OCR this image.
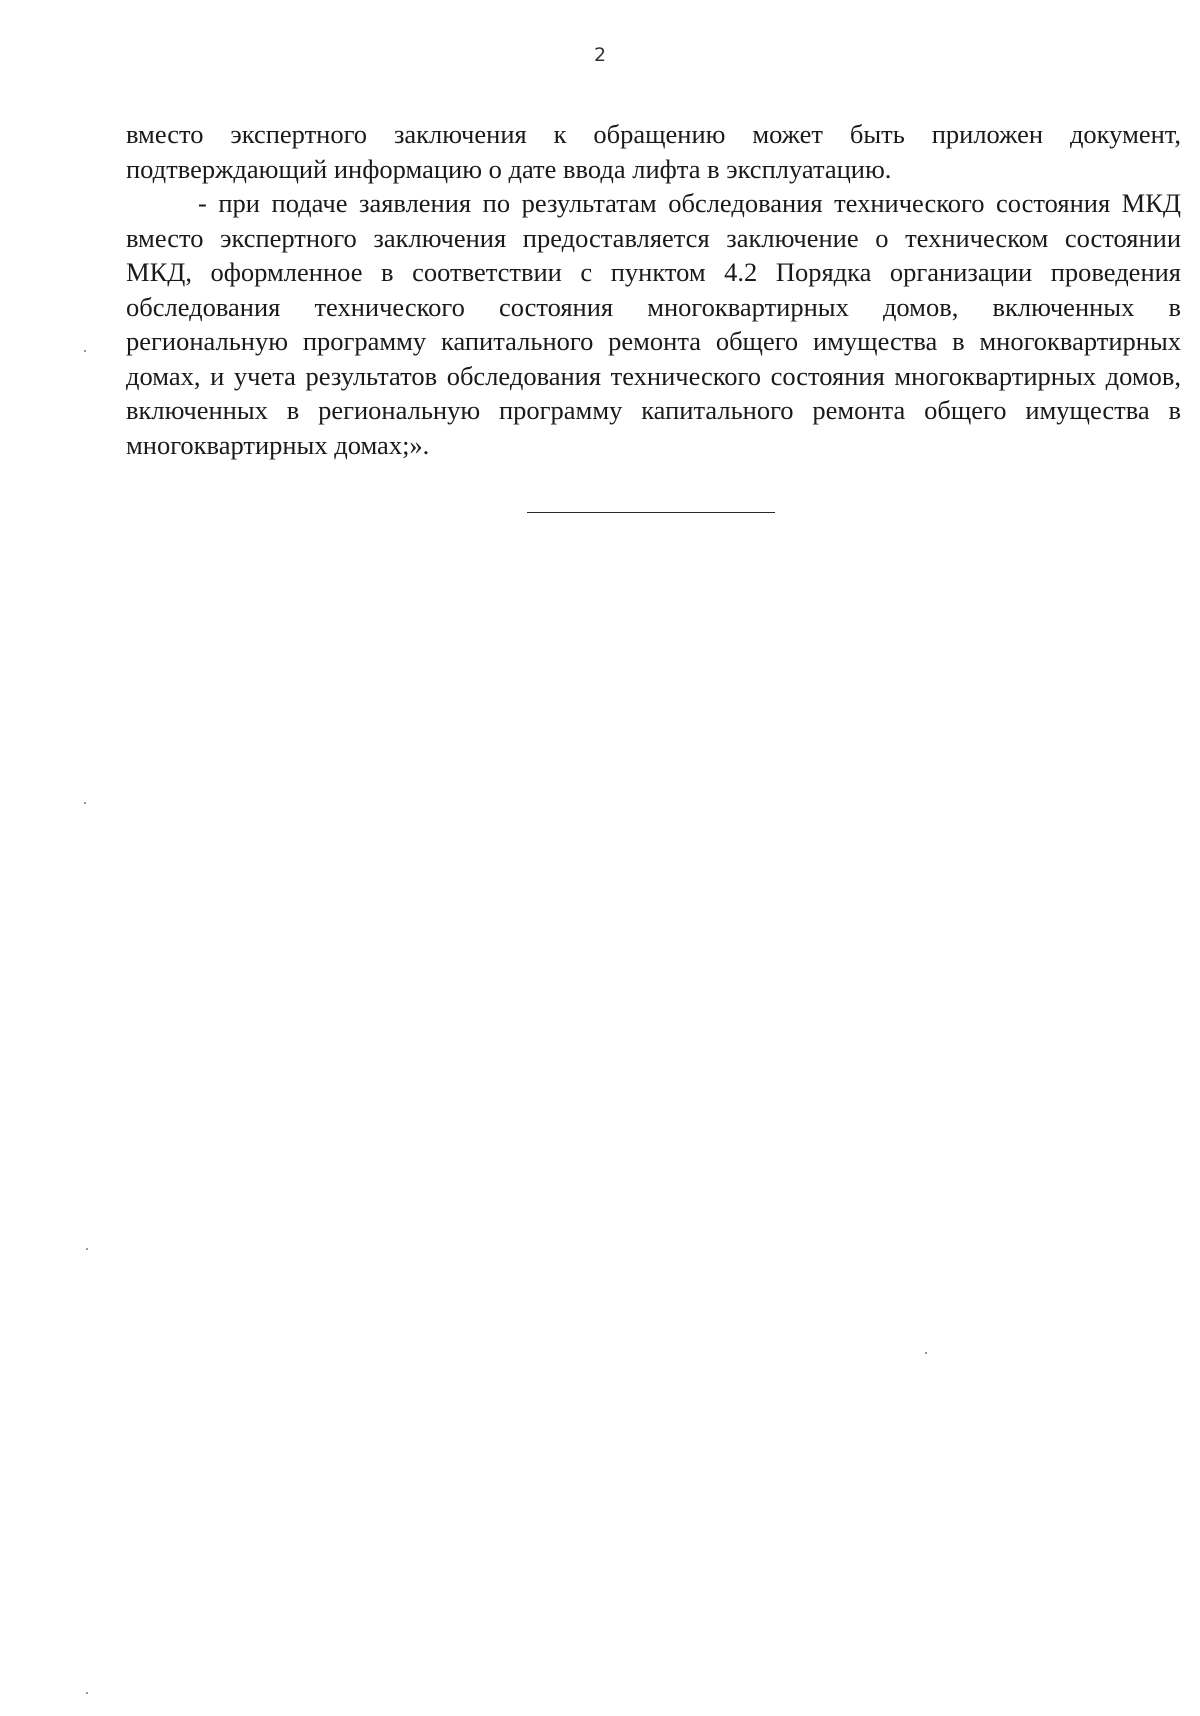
2

вместо экспертного заключения к обращению может быть приложен документ, подтверждающий информацию о дате ввода лифта в эксплуатацию.

- при подаче заявления по результатам обследования технического состояния МКД вместо экспертного заключения предоставляется заключение о техническом состоянии МКД, оформленное в соответствии с пунктом 4.2 Порядка организации проведения обследования технического состояния многоквартирных домов, включенных в региональную программу капитального ремонта общего имущества в многоквартирных домах, и учета результатов обследования технического состояния многоквартирных домов, включенных в региональную программу капитального ремонта общего имущества в многоквартирных домах;».
